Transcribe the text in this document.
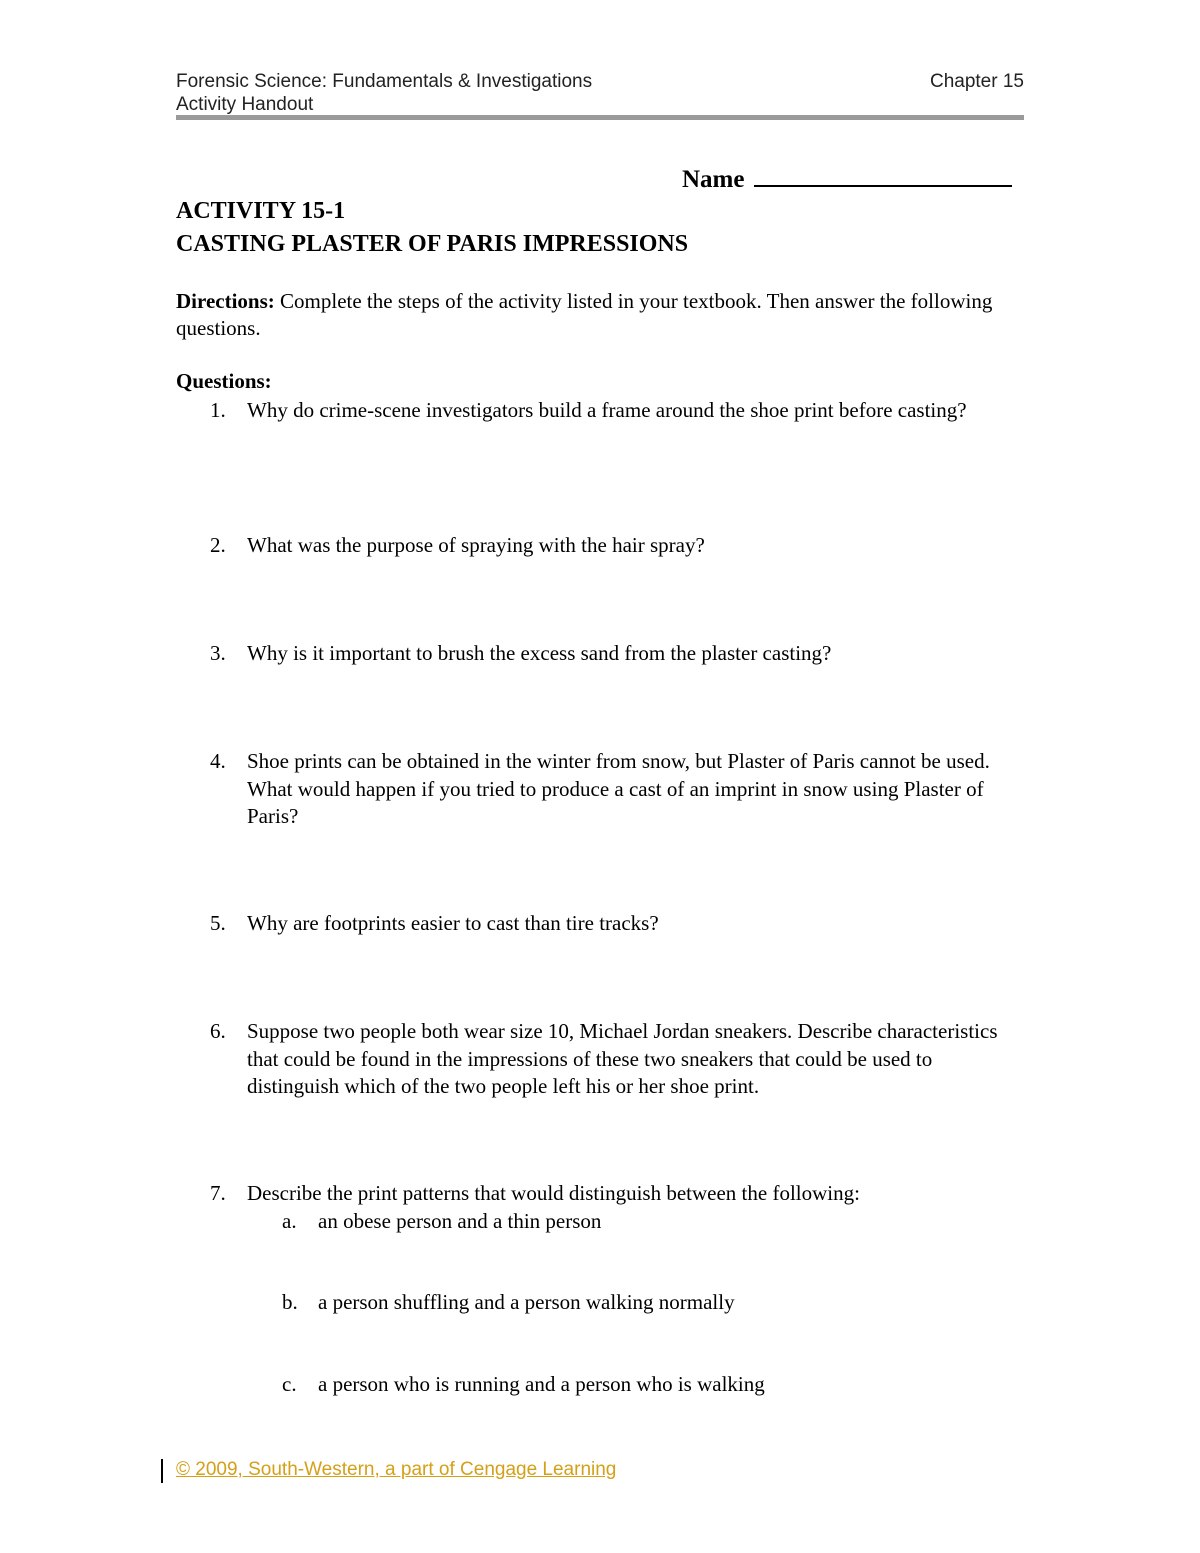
Forensic Science: Fundamentals & Investigations
Activity Handout
Chapter 15
Name
ACTIVITY 15-1
CASTING PLASTER OF PARIS IMPRESSIONS
Directions: Complete the steps of the activity listed in your textbook. Then answer the following questions.
Questions:
1. Why do crime-scene investigators build a frame around the shoe print before casting?
2. What was the purpose of spraying with the hair spray?
3. Why is it important to brush the excess sand from the plaster casting?
4. Shoe prints can be obtained in the winter from snow, but Plaster of Paris cannot be used. What would happen if you tried to produce a cast of an imprint in snow using Plaster of Paris?
5. Why are footprints easier to cast than tire tracks?
6. Suppose two people both wear size 10, Michael Jordan sneakers. Describe characteristics that could be found in the impressions of these two sneakers that could be used to distinguish which of the two people left his or her shoe print.
7. Describe the print patterns that would distinguish between the following:
a. an obese person and a thin person
b. a person shuffling and a person walking normally
c. a person who is running and a person who is walking
© 2009, South-Western, a part of Cengage Learning
